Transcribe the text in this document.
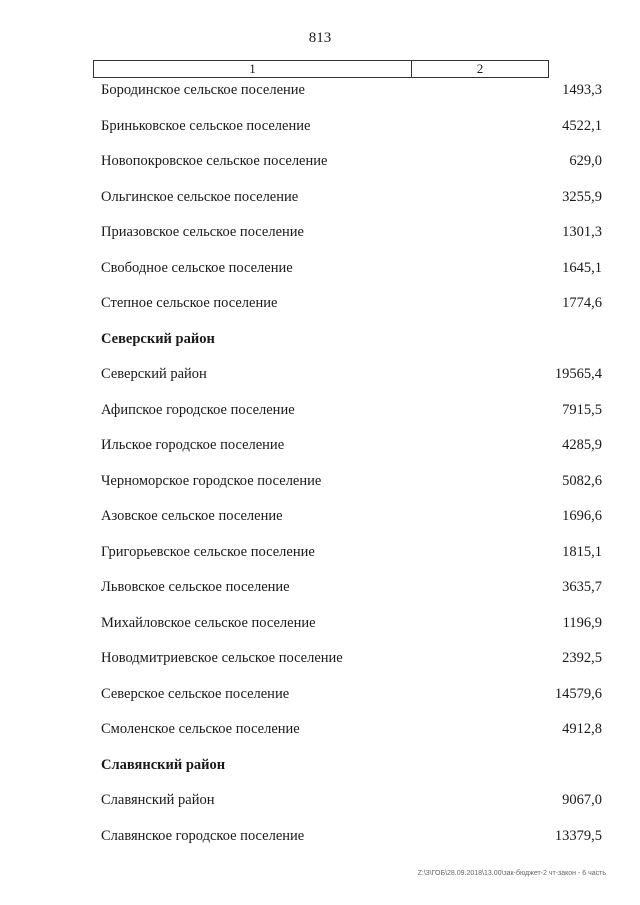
813
1	2
Бородинское сельское поселение	1493,3
Бриньковское сельское поселение	4522,1
Новопокровское сельское поселение	629,0
Ольгинское сельское поселение	3255,9
Приазовское сельское поселение	1301,3
Свободное сельское поселение	1645,1
Степное сельское поселение	1774,6
Северский район
Северский район	19565,4
Афипское городское поселение	7915,5
Ильское городское поселение	4285,9
Черноморское городское поселение	5082,6
Азовское сельское поселение	1696,6
Григорьевское сельское поселение	1815,1
Львовское сельское поселение	3635,7
Михайловское сельское поселение	1196,9
Новодмитриевское сельское поселение	2392,5
Северское сельское поселение	14579,6
Смоленское сельское поселение	4912,8
Славянский район
Славянский район	9067,0
Славянское городское поселение	13379,5
Z:\3\ГОБ\28.09.2018\13.00\зак-бюджет-2 чт-закон - 6 часть
